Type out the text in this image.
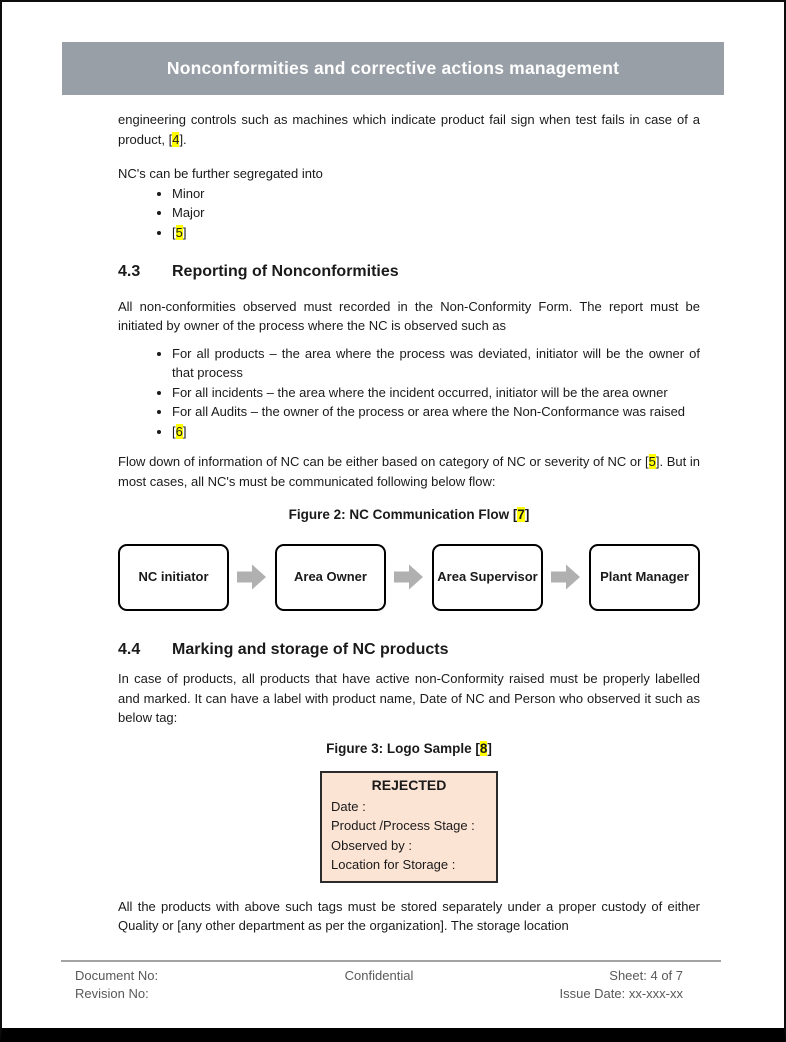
Nonconformities and corrective actions management

engineering controls such as machines which indicate product fail sign when test fails in case of a product, [4].

NC's can be further segregated into

• Minor
• Major
• [5]
4.3	Reporting of Nonconformities

All non-conformities observed must recorded in the Non-Conformity Form. The report must be initiated by owner of the process where the NC is observed such as

• For all products – the area where the process was deviated, initiator will be the owner of that process
• For all incidents – the area where the incident occurred, initiator will be the area owner
• For all Audits – the owner of the process or area where the Non-Conformance was raised
• [6]

Flow down of information of NC can be either based on category of NC or severity of NC or [5]. But in most cases, all NC's must be communicated following below flow:

Figure 2: NC Communication Flow [7]
NC initiator	Area Owner	Area Supervisor	Plant Manager
4.4	Marking and storage of NC products

In case of products, all products that have active non-Conformity raised must be properly labelled and marked. It can have a label with product name, Date of NC and Person who observed it such as below tag:

Figure 3: Logo Sample [8]
REJECTED
Date :
Product /Process Stage :
Observed by :
Location for Storage :

All the products with above such tags must be stored separately under a proper custody of either Quality or [any other department as per the organization]. The storage location

Document No:
Revision No:
Confidential	Sheet: 4 of 7
Issue Date: xx-xxx-xx
